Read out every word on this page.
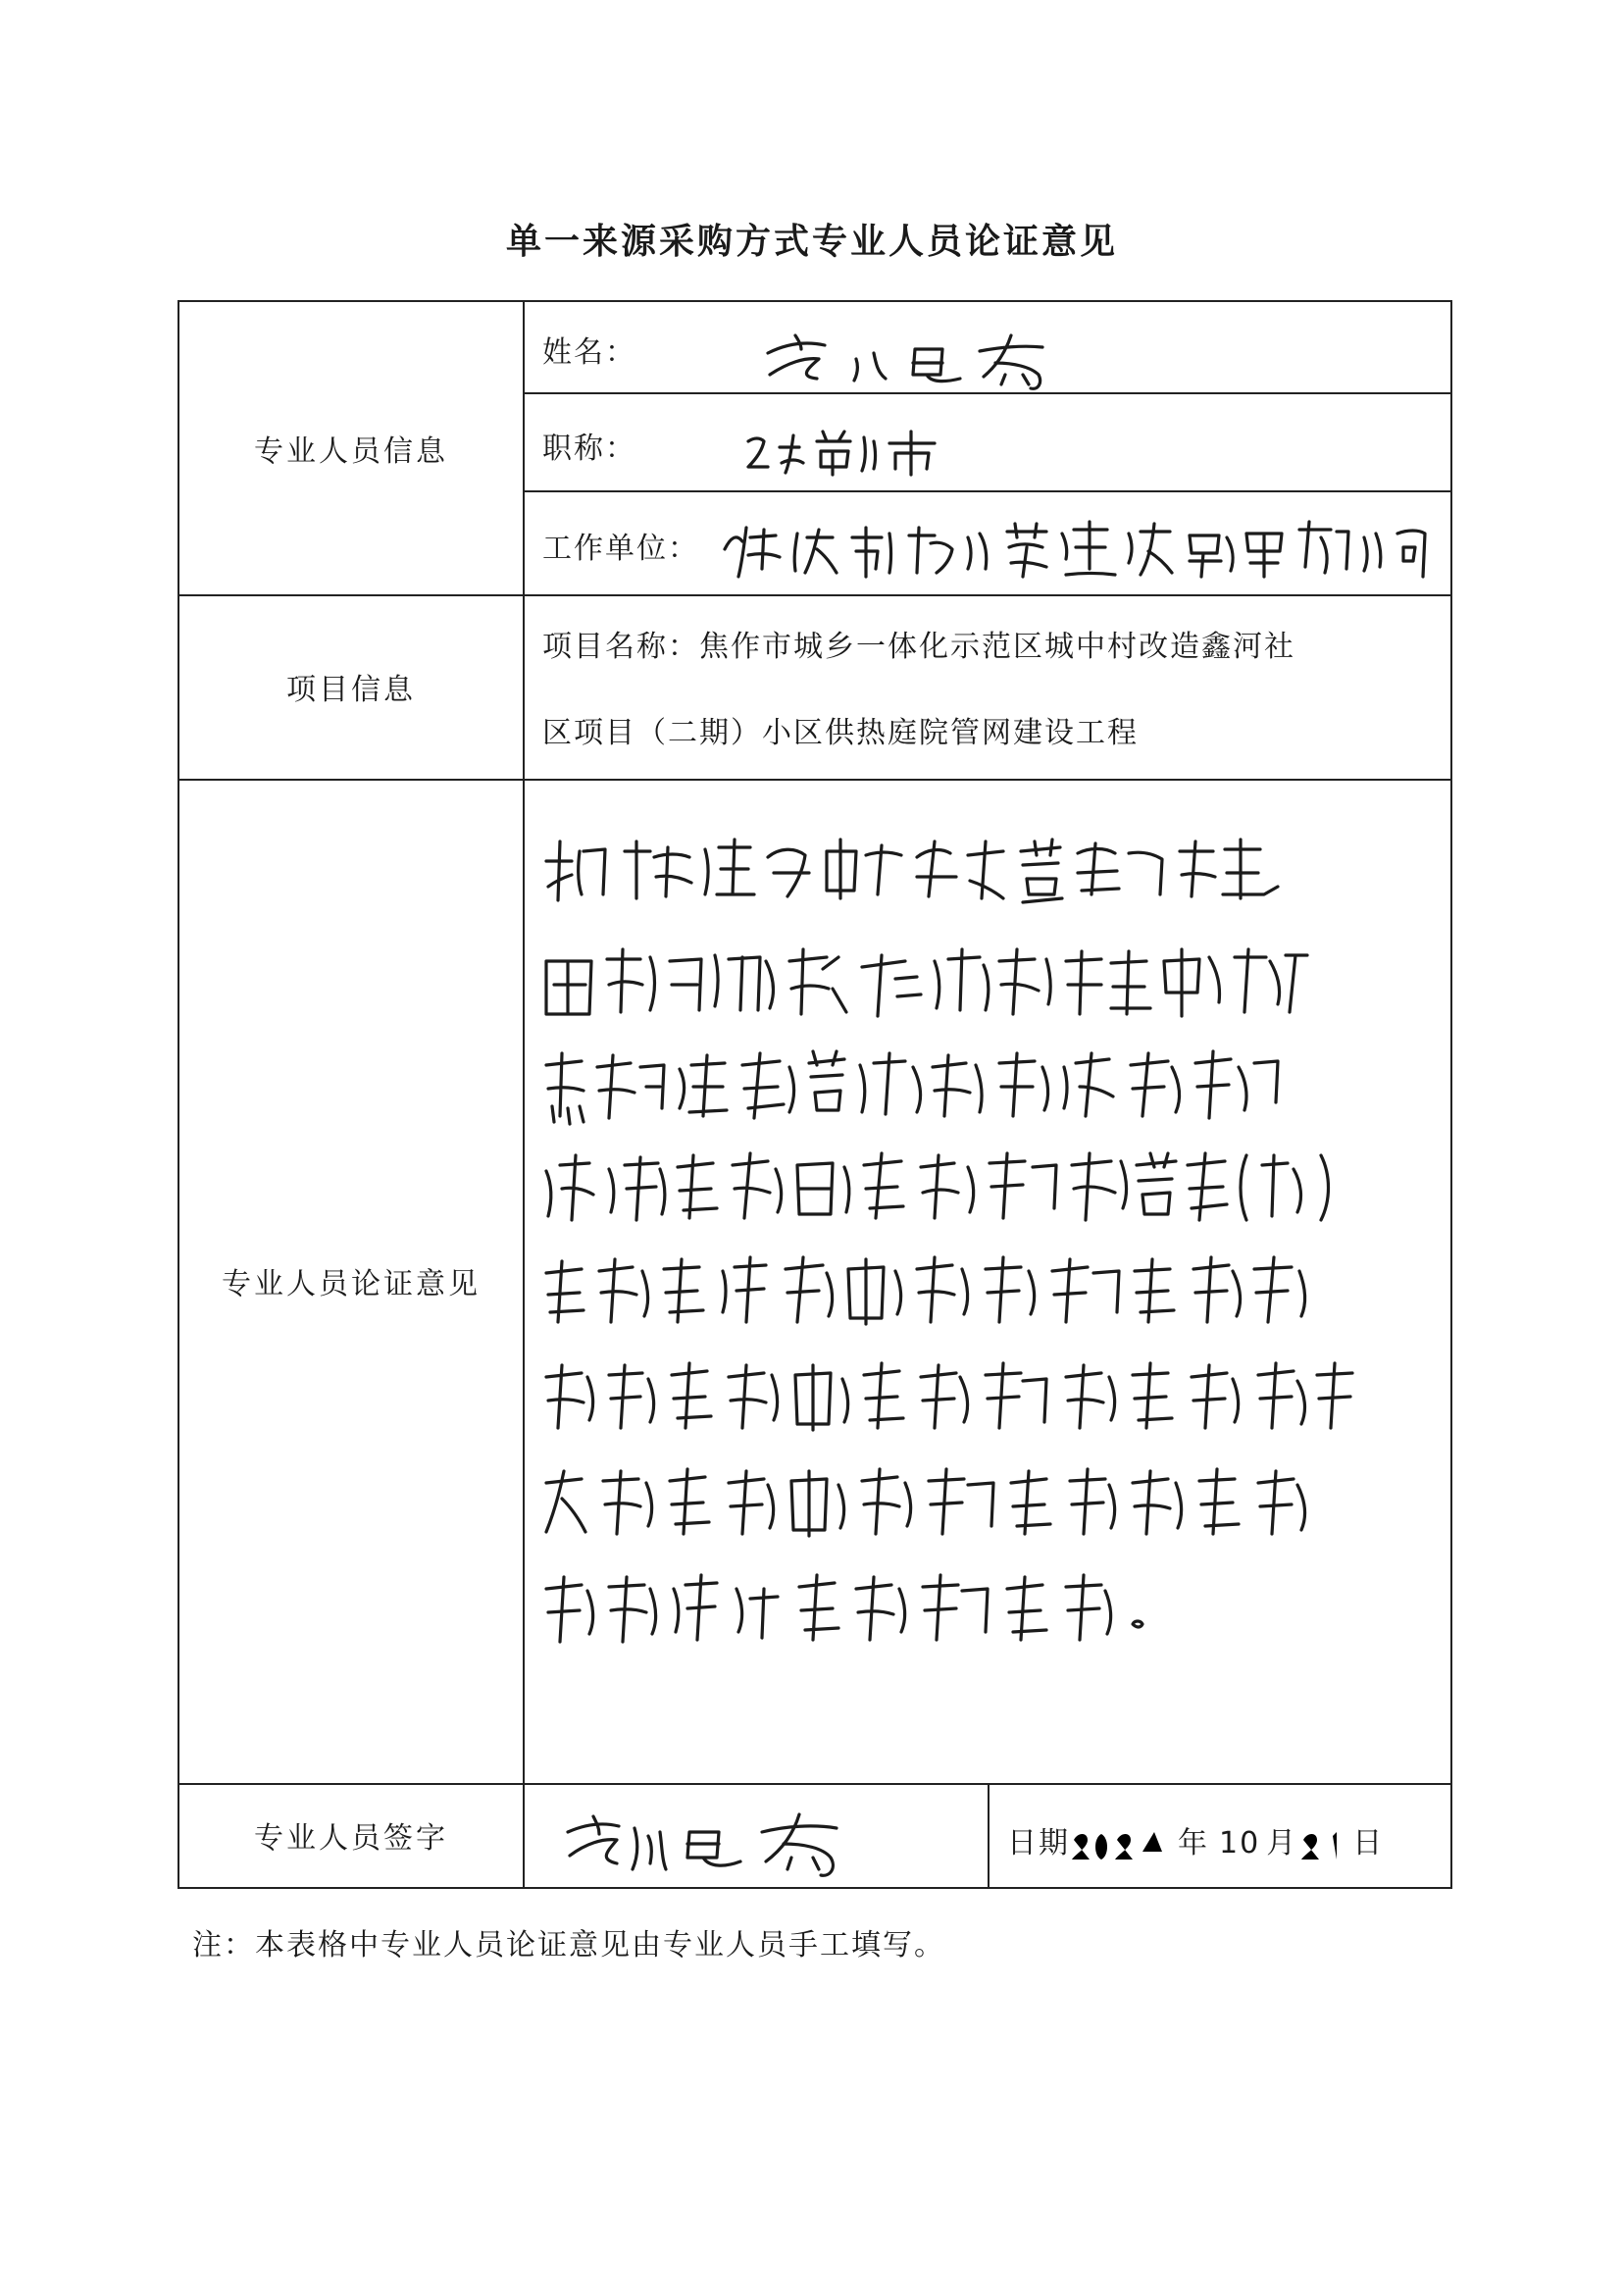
单一来源采购方式专业人员论证意见
专业人员信息
姓名：
职称：
工作单位：
项目信息
项目名称：焦作市城乡一体化示范区城中村改造鑫河社
区项目（二期）小区供热庭院管网建设工程
专业人员论证意见
专业人员签字	日期	年 10 月 日
注：本表格中专业人员论证意见由专业人员手工填写。
